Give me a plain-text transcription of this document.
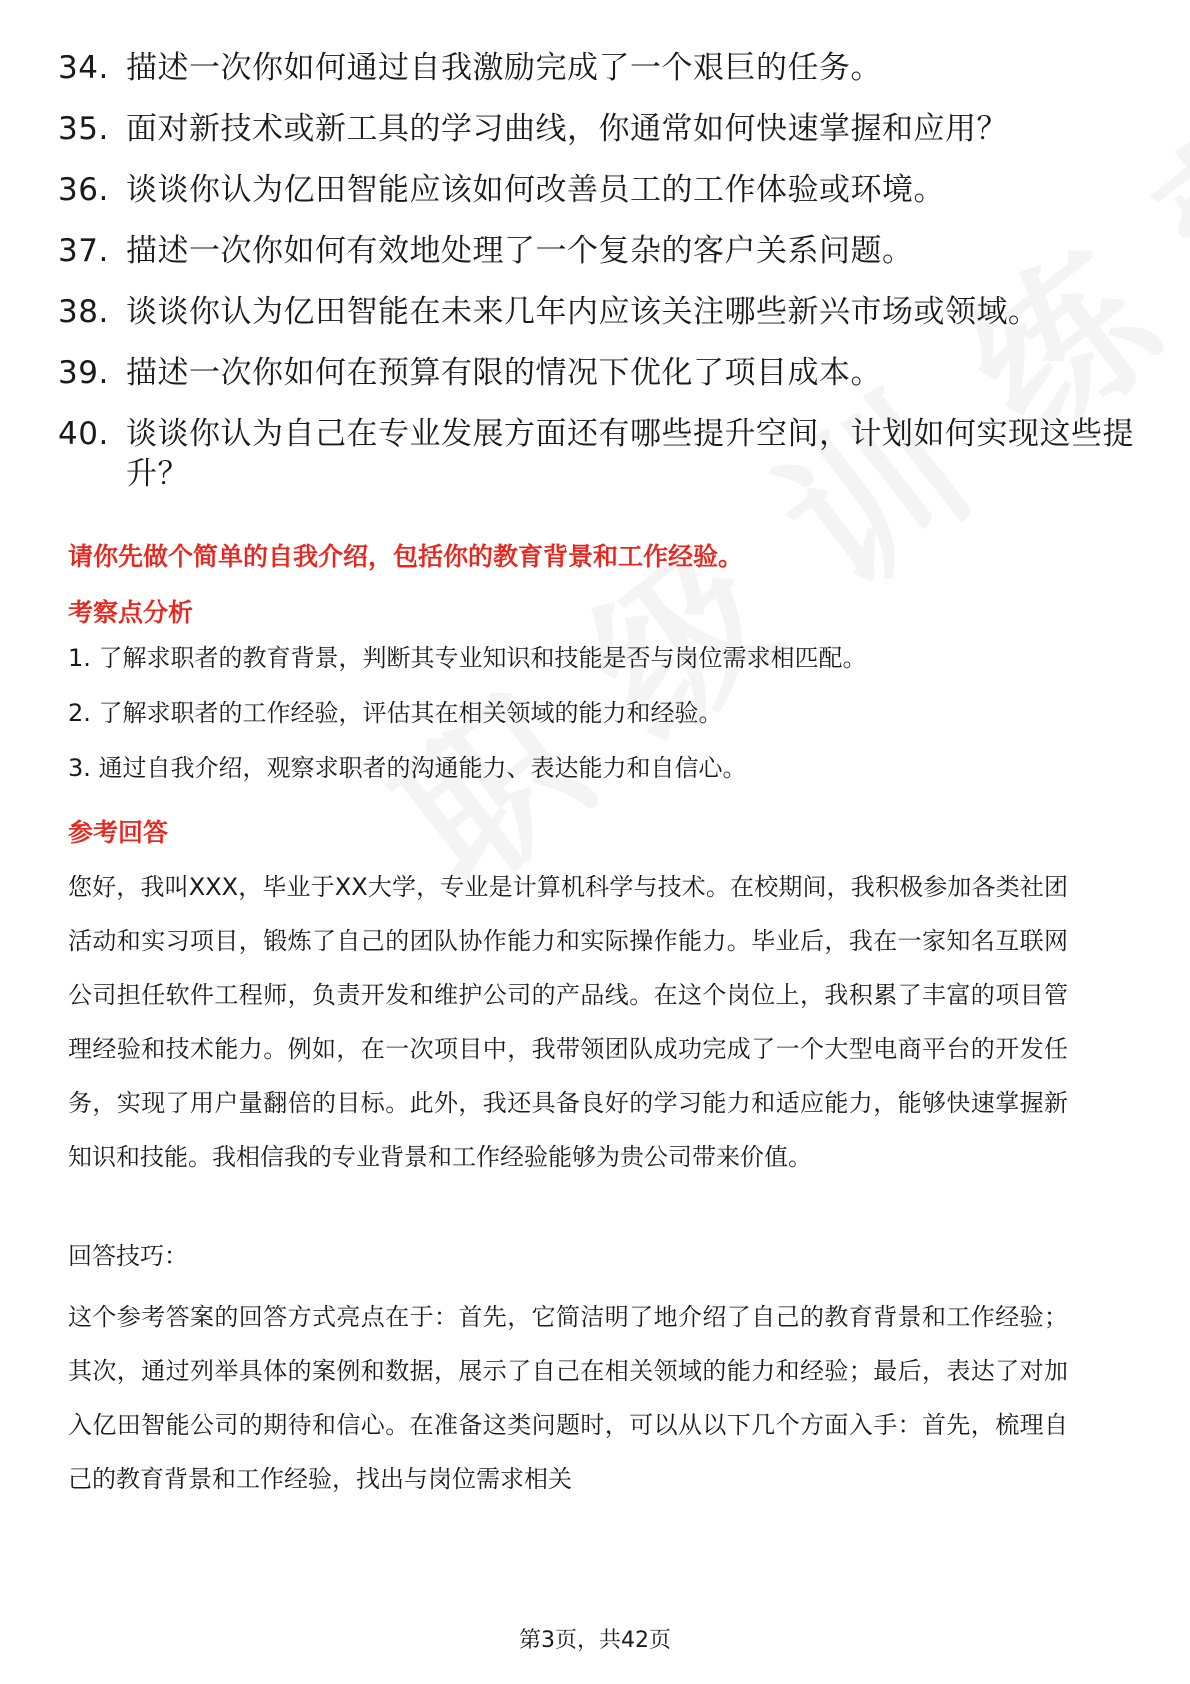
34. 描述一次你如何通过自我激励完成了一个艰巨的任务。
35. 面对新技术或新工具的学习曲线，你通常如何快速掌握和应用？
36. 谈谈你认为亿田智能应该如何改善员工的工作体验或环境。
37. 描述一次你如何有效地处理了一个复杂的客户关系问题。
38. 谈谈你认为亿田智能在未来几年内应该关注哪些新兴市场或领域。
39. 描述一次你如何在预算有限的情况下优化了项目成本。
40. 谈谈你认为自己在专业发展方面还有哪些提升空间，计划如何实现这些提升？
请你先做个简单的自我介绍，包括你的教育背景和工作经验。
考察点分析
1. 了解求职者的教育背景，判断其专业知识和技能是否与岗位需求相匹配。
2. 了解求职者的工作经验，评估其在相关领域的能力和经验。
3. 通过自我介绍，观察求职者的沟通能力、表达能力和自信心。
参考回答

您好，我叫XXX，毕业于XX大学，专业是计算机科学与技术。在校期间，我积极参加各类社团活动和实习项目，锻炼了自己的团队协作能力和实际操作能力。毕业后，我在一家知名互联网公司担任软件工程师，负责开发和维护公司的产品线。在这个岗位上，我积累了丰富的项目管理经验和技术能力。例如，在一次项目中，我带领团队成功完成了一个大型电商平台的开发任务，实现了用户量翻倍的目标。此外，我还具备良好的学习能力和适应能力，能够快速掌握新知识和技能。我相信我的专业背景和工作经验能够为贵公司带来价值。

回答技巧：

这个参考答案的回答方式亮点在于：首先，它简洁明了地介绍了自己的教育背景和工作经验；其次，通过列举具体的案例和数据，展示了自己在相关领域的能力和经验；最后，表达了对加入亿田智能公司的期待和信心。在准备这类问题时，可以从以下几个方面入手：首先，梳理自己的教育背景和工作经验，找出与岗位需求相关

第3页，共42页
